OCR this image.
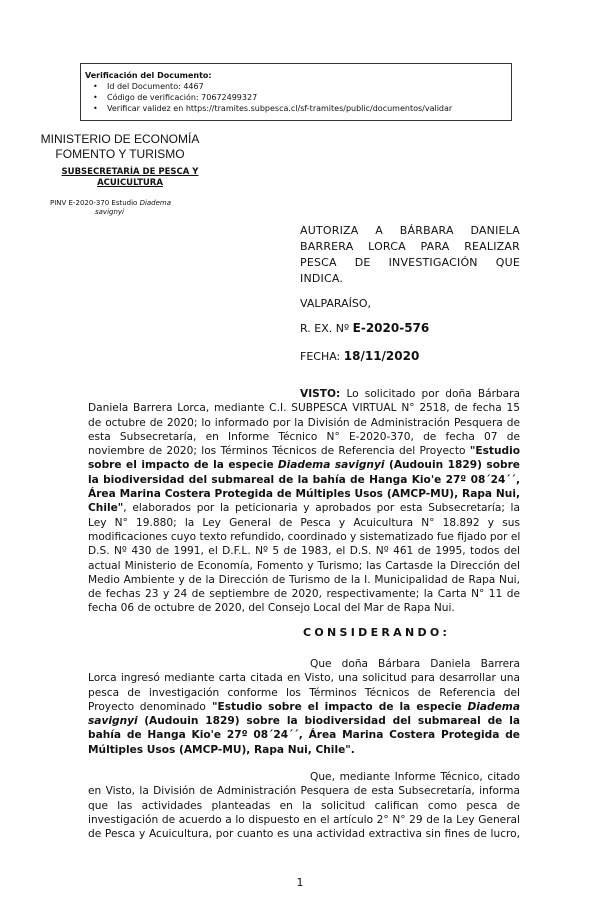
Verificación del Documento:
• Id del Documento: 4467
• Código de verificación: 70672499327
• Verificar validez en https://tramites.subpesca.cl/sf-tramites/public/documentos/validar
MINISTERIO DE ECONOMÍA
FOMENTO Y TURISMO
SUBSECRETARÍA DE PESCA Y
ACUICULTURA
PINV E-2020-370 Estudio Diadema
savignyi
AUTORIZA A BÁRBARA DANIELA
BARRERA LORCA PARA REALIZAR
PESCA DE INVESTIGACIÓN QUE
INDICA.
VALPARAÍSO,
R. EX. Nº E-2020-576
FECHA: 18/11/2020
VISTO: Lo solicitado por doña Bárbara
Daniela Barrera Lorca, mediante C.I. SUBPESCA VIRTUAL N° 2518, de fecha 15
de octubre de 2020; lo informado por la División de Administración Pesquera de
esta Subsecretaría, en Informe Técnico N° E-2020-370, de fecha 07 de
noviembre de 2020; los Términos Técnicos de Referencia del Proyecto "Estudio
sobre el impacto de la especie Diadema savignyi (Audouin 1829) sobre
la biodiversidad del submareal de la bahía de Hanga Kio'e 27º 08´24´´,
Área Marina Costera Protegida de Múltiples Usos (AMCP-MU), Rapa Nui,
Chile", elaborados por la peticionaria y aprobados por esta Subsecretaría; la
Ley N° 19.880; la Ley General de Pesca y Acuicultura N° 18.892 y sus
modificaciones cuyo texto refundido, coordinado y sistematizado fue fijado por el
D.S. Nº 430 de 1991, el D.F.L. Nº 5 de 1983, el D.S. Nº 461 de 1995, todos del
actual Ministerio de Economía, Fomento y Turismo; las Cartasde la Dirección del
Medio Ambiente y de la Dirección de Turismo de la I. Municipalidad de Rapa Nui,
de fechas 23 y 24 de septiembre de 2020, respectivamente; la Carta N° 11 de
fecha 06 de octubre de 2020, del Consejo Local del Mar de Rapa Nui.
CONSIDERANDO:
Que doña Bárbara Daniela Barrera
Lorca ingresó mediante carta citada en Visto, una solicitud para desarrollar una
pesca de investigación conforme los Términos Técnicos de Referencia del
Proyecto denominado "Estudio sobre el impacto de la especie Diadema
savignyi (Audouin 1829) sobre la biodiversidad del submareal de la
bahía de Hanga Kio'e 27º 08´24´´, Área Marina Costera Protegida de
Múltiples Usos (AMCP-MU), Rapa Nui, Chile".
Que, mediante Informe Técnico, citado
en Visto, la División de Administración Pesquera de esta Subsecretaría, informa
que las actividades planteadas en la solicitud califican como pesca de
investigación de acuerdo a lo dispuesto en el artículo 2° N° 29 de la Ley General
de Pesca y Acuicultura, por cuanto es una actividad extractiva sin fines de lucro,
1
